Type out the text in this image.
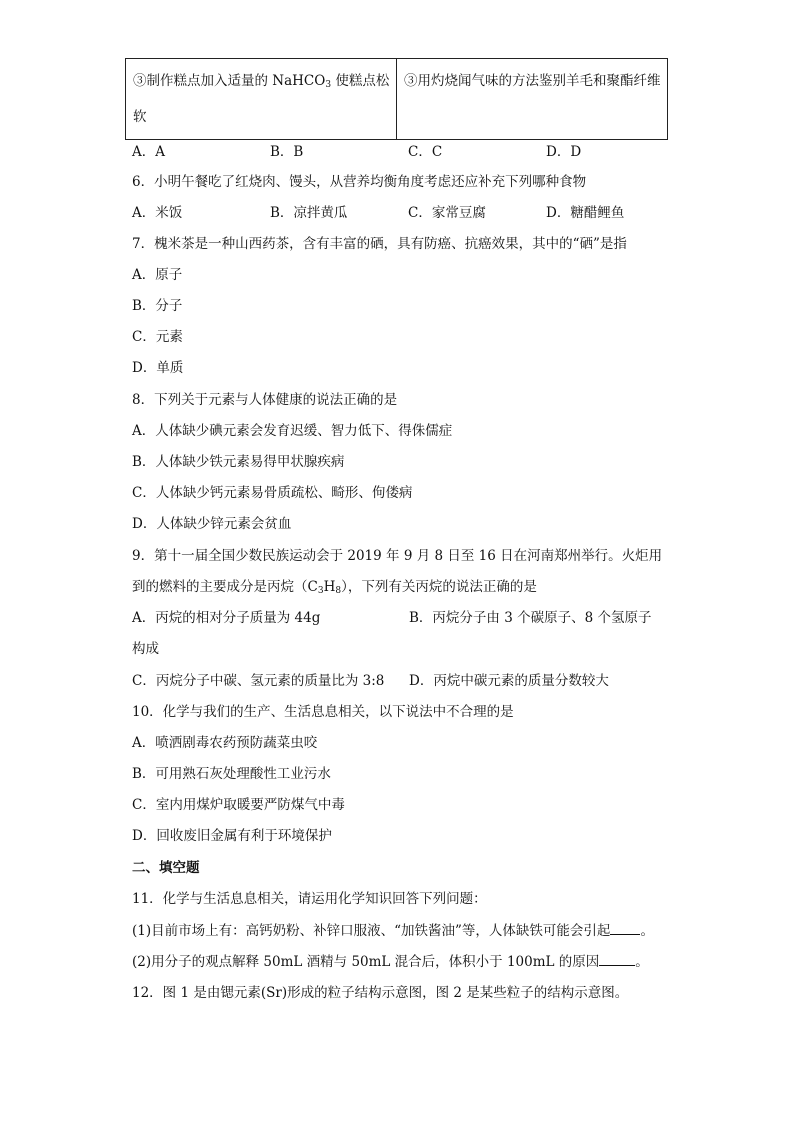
③制作糕点加入适量的 NaHCO$_3$ 使糕点松软	③用灼烧闻气味的方法鉴别羊毛和聚酯纤维
A．A	B．B	C．C	D．D
6．小明午餐吃了红烧肉、馒头，从营养均衡角度考虑还应补充下列哪种食物
A．米饭	B．凉拌黄瓜	C．家常豆腐	D．糖醋鲤鱼
7．槐米茶是一种山西药茶，含有丰富的硒，具有防癌、抗癌效果，其中的“硒”是指
A．原子
B．分子
C．元素
D．单质
8．下列关于元素与人体健康的说法正确的是
A．人体缺少碘元素会发育迟缓、智力低下、得侏儒症
B．人体缺少铁元素易得甲状腺疾病
C．人体缺少钙元素易骨质疏松、畸形、佝偻病
D．人体缺少锌元素会贫血
9．第十一届全国少数民族运动会于 2019 年 9 月 8 日至 16 日在河南郑州举行。火炬用
到的燃料的主要成分是丙烷$(C_3H_8)$，下列有关丙烷的说法正确的是
A．丙烷的相对分子质量为 44g	B．丙烷分子由 3 个碳原子、8 个氢原子
构成
C．丙烷分子中碳、氢元素的质量比为 3:8 D．丙烷中碳元素的质量分数较大
10．化学与我们的生产、生活息息相关，以下说法中不合理的是
A．喷洒剧毒农药预防蔬菜虫咬
B．可用熟石灰处理酸性工业污水
C．室内用煤炉取暖要严防煤气中毒
D．回收废旧金属有利于环境保护
二、填空题
11．化学与生活息息相关，请运用化学知识回答下列问题：
(1)目前市场上有：高钙奶粉、补锌口服液、“加铁酱油”等，人体缺铁可能会引起 。
(2)用分子的观点解释 50mL 酒精与 50mL 混合后，体积小于 100mL 的原因	。
12．图 1 是由锶元素(Sr)形成的粒子结构示意图，图 2 是某些粒子的结构示意图。
